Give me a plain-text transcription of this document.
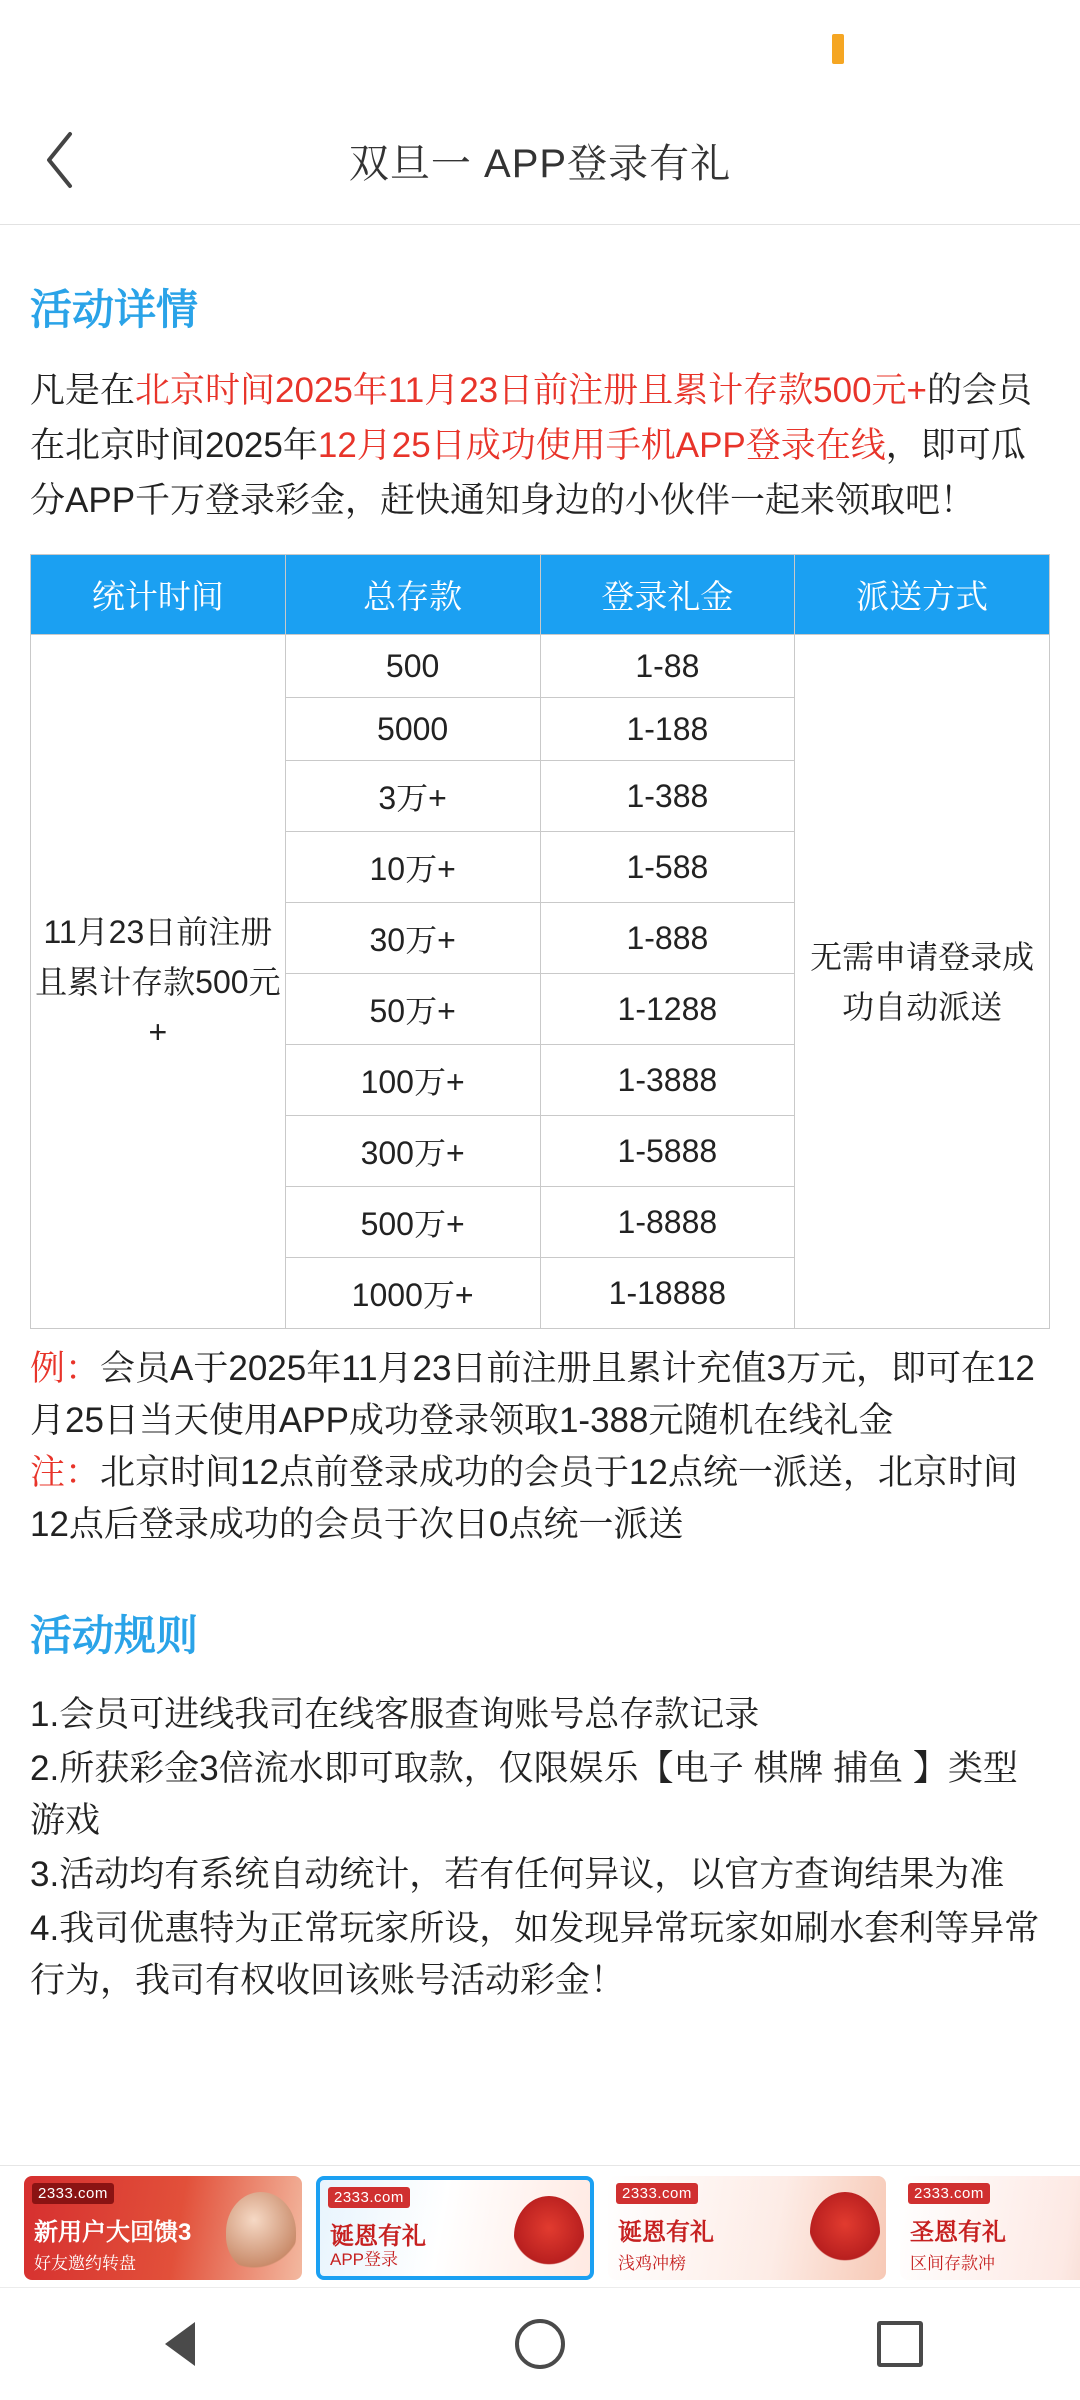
双旦一 APP登录有礼
活动详情

凡是在北京时间2025年11月23日前注册且累计存款500元+的会员在北京时间2025年12月25日成功使用手机APP登录在线，即可瓜分APP千万登录彩金，赶快通知身边的小伙伴一起来领取吧！

统计时间	总存款	登录礼金	派送方式
11月23日前注册且累计存款500元+	500	1-88	无需申请登录成功自动派送
	5000	1-188	
	3万+	1-388	
	10万+	1-588	
	30万+	1-888	
	50万+	1-1288	
	100万+	1-3888	
	300万+	1-5888	
	500万+	1-8888	
	1000万+	1-18888	

例：会员A于2025年11月23日前注册且累计充值3万元，即可在12月25日当天使用APP成功登录领取1-388元随机在线礼金

注：北京时间12点前登录成功的会员于12点统一派送，北京时间12点后登录成功的会员于次日0点统一派送

活动规则

1.会员可进线我司在线客服查询账号总存款记录

2.所获彩金3倍流水即可取款，仅限娱乐【电子 棋牌 捕鱼 】类型游戏

3.活动均有系统自动统计，若有任何异议，以官方查询结果为准

4.我司优惠特为正常玩家所设，如发现异常玩家如刷水套利等异常行为，我司有权收回该账号活动彩金！

2333.com
新用户大回馈3
好友邀约转盘
2333.com
诞恩有礼
APP登录
2333.com
诞恩有礼
浅鸡冲榜
2333.com
圣恩有礼
区间存款冲
